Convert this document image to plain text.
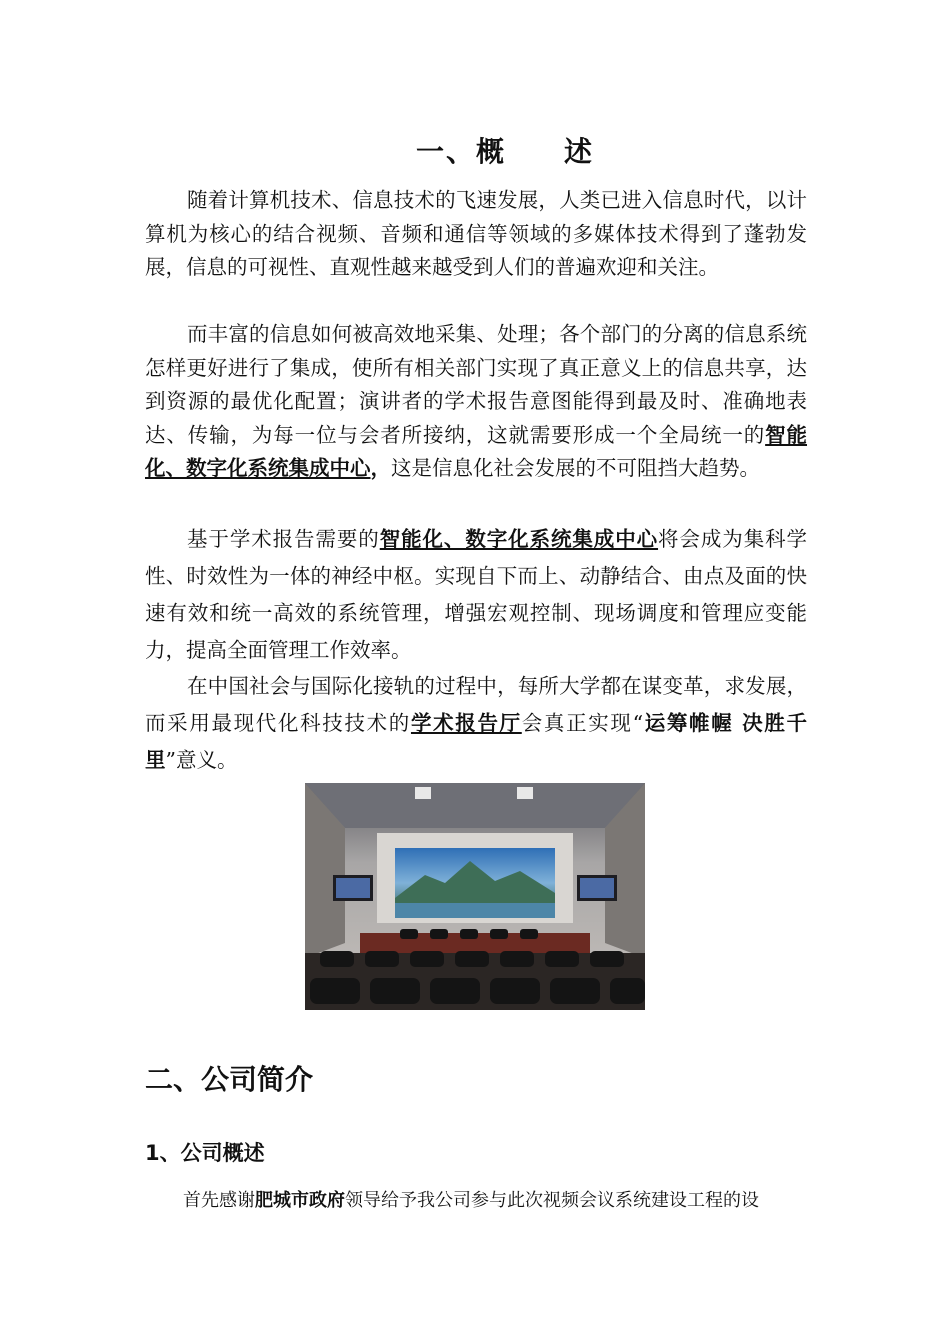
一、概 述

随着计算机技术、信息技术的飞速发展，人类已进入信息时代，以计算机为核心的结合视频、音频和通信等领域的多媒体技术得到了蓬勃发展，信息的可视性、直观性越来越受到人们的普遍欢迎和关注。

而丰富的信息如何被高效地采集、处理；各个部门的分离的信息系统怎样更好进行了集成，使所有相关部门实现了真正意义上的信息共享，达到资源的最优化配置；演讲者的学术报告意图能得到最及时、准确地表达、传输，为每一位与会者所接纳，这就需要形成一个全局统一的智能化、数字化系统集成中心，这是信息化社会发展的不可阻挡大趋势。

基于学术报告需要的智能化、数字化系统集成中心将会成为集科学性、时效性为一体的神经中枢。实现自下而上、动静结合、由点及面的快速有效和统一高效的系统管理，增强宏观控制、现场调度和管理应变能力，提高全面管理工作效率。

在中国社会与国际化接轨的过程中，每所大学都在谋变革，求发展，而采用最现代化科技技术的学术报告厅会真正实现“运筹帷幄 决胜千里”意义。

二、公司简介
1、公司概述

首先感谢肥城市政府领导给予我公司参与此次视频会议系统建设工程的设
